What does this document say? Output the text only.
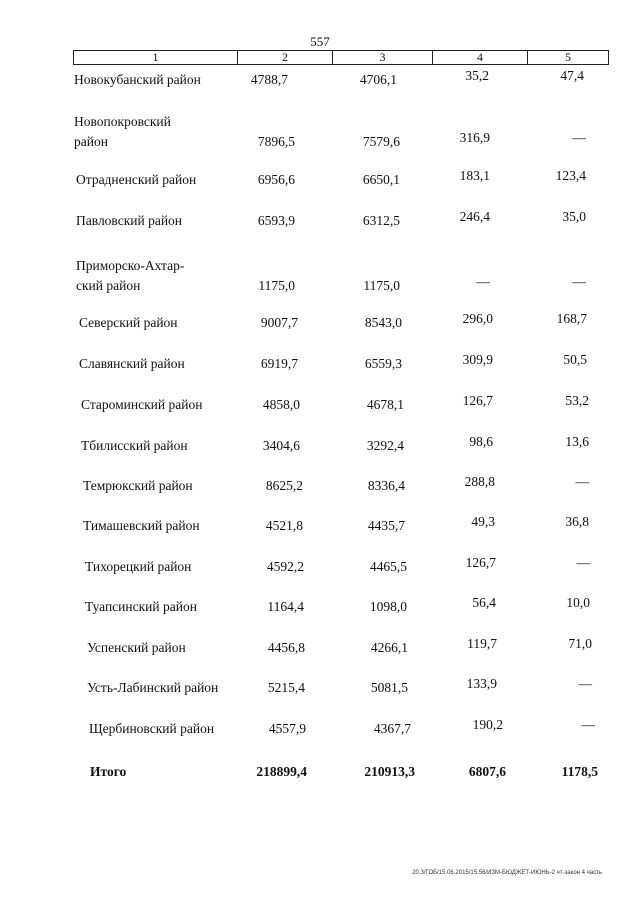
557
1	2	3	4	5
Новокубанский район	4788,7	4706,1	35,2	47,4
Новопокровский
район	7896,5	7579,6	316,9	—
Отрадненский район	6956,6	6650,1	183,1	123,4
Павловский район	6593,9	6312,5	246,4	35,0
Приморско-Ахтар-
ский район	1175,0	1175,0	—	—
Северский район	9007,7	8543,0	296,0	168,7
Славянский район	6919,7	6559,3	309,9	50,5
Староминский район	4858,0	4678,1	126,7	53,2
Тбилисский район	3404,6	3292,4	98,6	13,6
Темрюкский район	8625,2	8336,4	288,8	—
Тимашевский район	4521,8	4435,7	49,3	36,8
Тихорецкий район	4592,2	4465,5	126,7	—
Туапсинский район	1164,4	1098,0	56,4	10,0
Успенский район	4456,8	4266,1	119,7	71,0
Усть-Лабинский район	5215,4	5081,5	133,9	—
Щербиновский район	4557,9	4367,7	190,2	—
Итого	218899,4	210913,3	6807,6	1178,5
20.3/ГОБ/15.06.2015/15:56/ИЗМ-БЮДЖЕТ-ИЮНЬ-2 чт-закон 4 часть
